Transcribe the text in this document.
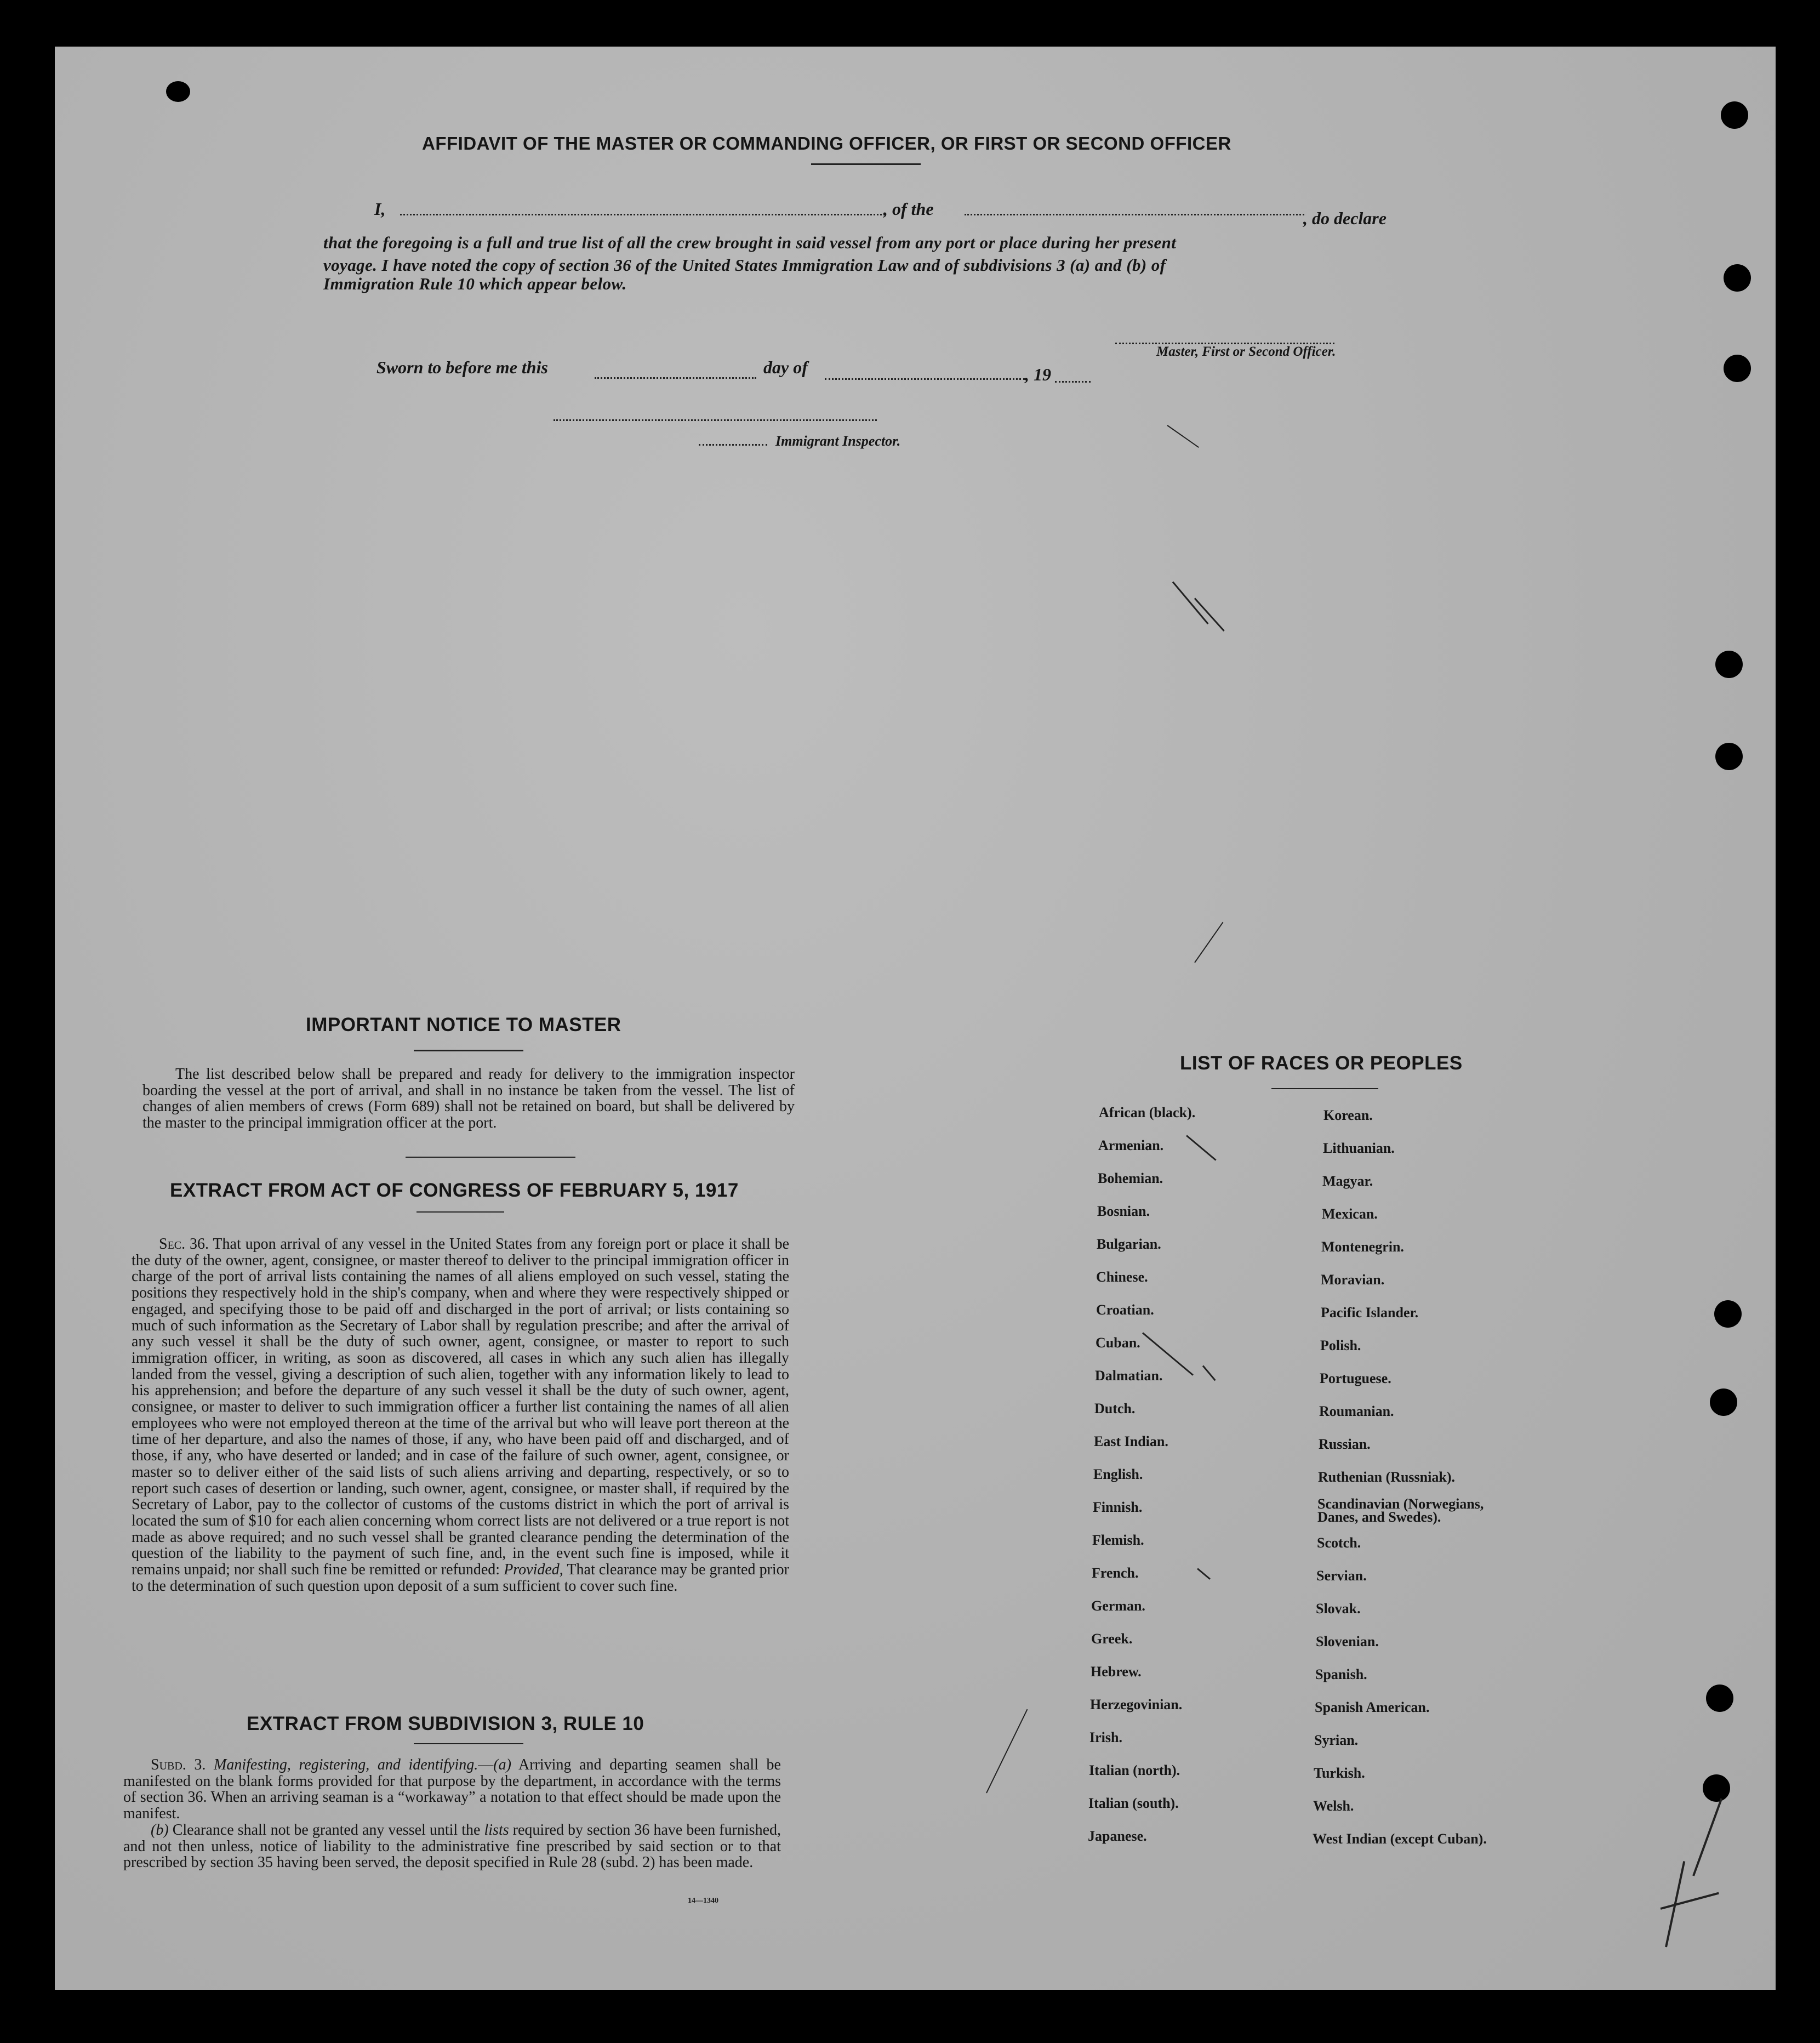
AFFIDAVIT OF THE MASTER OR COMMANDING OFFICER, OR FIRST OR SECOND OFFICER
I,	, of the	, do declare
that the foregoing is a full and true list of all the crew brought in said vessel from any port or place during her present
voyage. I have noted the copy of section 36 of the United States Immigration Law and of subdivisions 3 (a) and (b) of
Immigration Rule 10 which appear below.
Master, First or Second Officer.
Sworn to before me this	day of	, 19
Immigrant Inspector.
IMPORTANT NOTICE TO MASTER

The list described below shall be prepared and ready for delivery to the immigration inspector boarding the vessel at the port of arrival, and shall in no instance be taken from the vessel. The list of changes of alien members of crews (Form 689) shall not be retained on board, but shall be delivered by the master to the principal immigration officer at the port.

EXTRACT FROM ACT OF CONGRESS OF FEBRUARY 5, 1917

Sec. 36. That upon arrival of any vessel in the United States from any foreign port or place it shall be the duty of the owner, agent, consignee, or master thereof to deliver to the principal immigration officer in charge of the port of arrival lists containing the names of all aliens employed on such vessel, stating the positions they respectively hold in the ship's company, when and where they were respectively shipped or engaged, and specifying those to be paid off and discharged in the port of arrival; or lists containing so much of such information as the Secretary of Labor shall by regulation prescribe; and after the arrival of any such vessel it shall be the duty of such owner, agent, consignee, or master to report to such immigration officer, in writing, as soon as discovered, all cases in which any such alien has illegally landed from the vessel, giving a description of such alien, together with any information likely to lead to his apprehension; and before the departure of any such vessel it shall be the duty of such owner, agent, consignee, or master to deliver to such immigration officer a further list containing the names of all alien employees who were not employed thereon at the time of the arrival but who will leave port thereon at the time of her departure, and also the names of those, if any, who have been paid off and discharged, and of those, if any, who have deserted or landed; and in case of the failure of such owner, agent, consignee, or master so to deliver either of the said lists of such aliens arriving and departing, respectively, or so to report such cases of desertion or landing, such owner, agent, consignee, or master shall, if required by the Secretary of Labor, pay to the collector of customs of the customs district in which the port of arrival is located the sum of $10 for each alien concerning whom correct lists are not delivered or a true report is not made as above required; and no such vessel shall be granted clearance pending the determination of the question of the liability to the payment of such fine, and, in the event such fine is imposed, while it remains unpaid; nor shall such fine be remitted or refunded: Provided, That clearance may be granted prior to the determination of such question upon deposit of a sum sufficient to cover such fine.

EXTRACT FROM SUBDIVISION 3, RULE 10

Subd. 3. Manifesting, registering, and identifying.—(a) Arriving and departing seamen shall be manifested on the blank forms provided for that purpose by the department, in accordance with the terms of section 36. When an arriving seaman is a “workaway” a notation to that effect should be made upon the manifest.

(b) Clearance shall not be granted any vessel until the lists required by section 36 have been furnished, and not then unless, notice of liability to the administrative fine prescribed by said section or to that prescribed by section 35 having been served, the deposit specified in Rule 28 (subd. 2) has been made.

14—1340
LIST OF RACES OR PEOPLES
African (black).
Armenian.
Bohemian.
Bosnian.
Bulgarian.
Chinese.
Croatian.
Cuban.
Dalmatian.
Dutch.
East Indian.
English.
Finnish.
Flemish.
French.
German.
Greek.
Hebrew.
Herzegovinian.
Irish.
Italian (north).
Italian (south).
Japanese.
Korean.
Lithuanian.
Magyar.
Mexican.
Montenegrin.
Moravian.
Pacific Islander.
Polish.
Portuguese.
Roumanian.
Russian.
Ruthenian (Russniak).
Scandinavian (Norwegians, Danes, and Swedes).
Scotch.
Servian.
Slovak.
Slovenian.
Spanish.
Spanish American.
Syrian.
Turkish.
Welsh.
West Indian (except Cuban).
